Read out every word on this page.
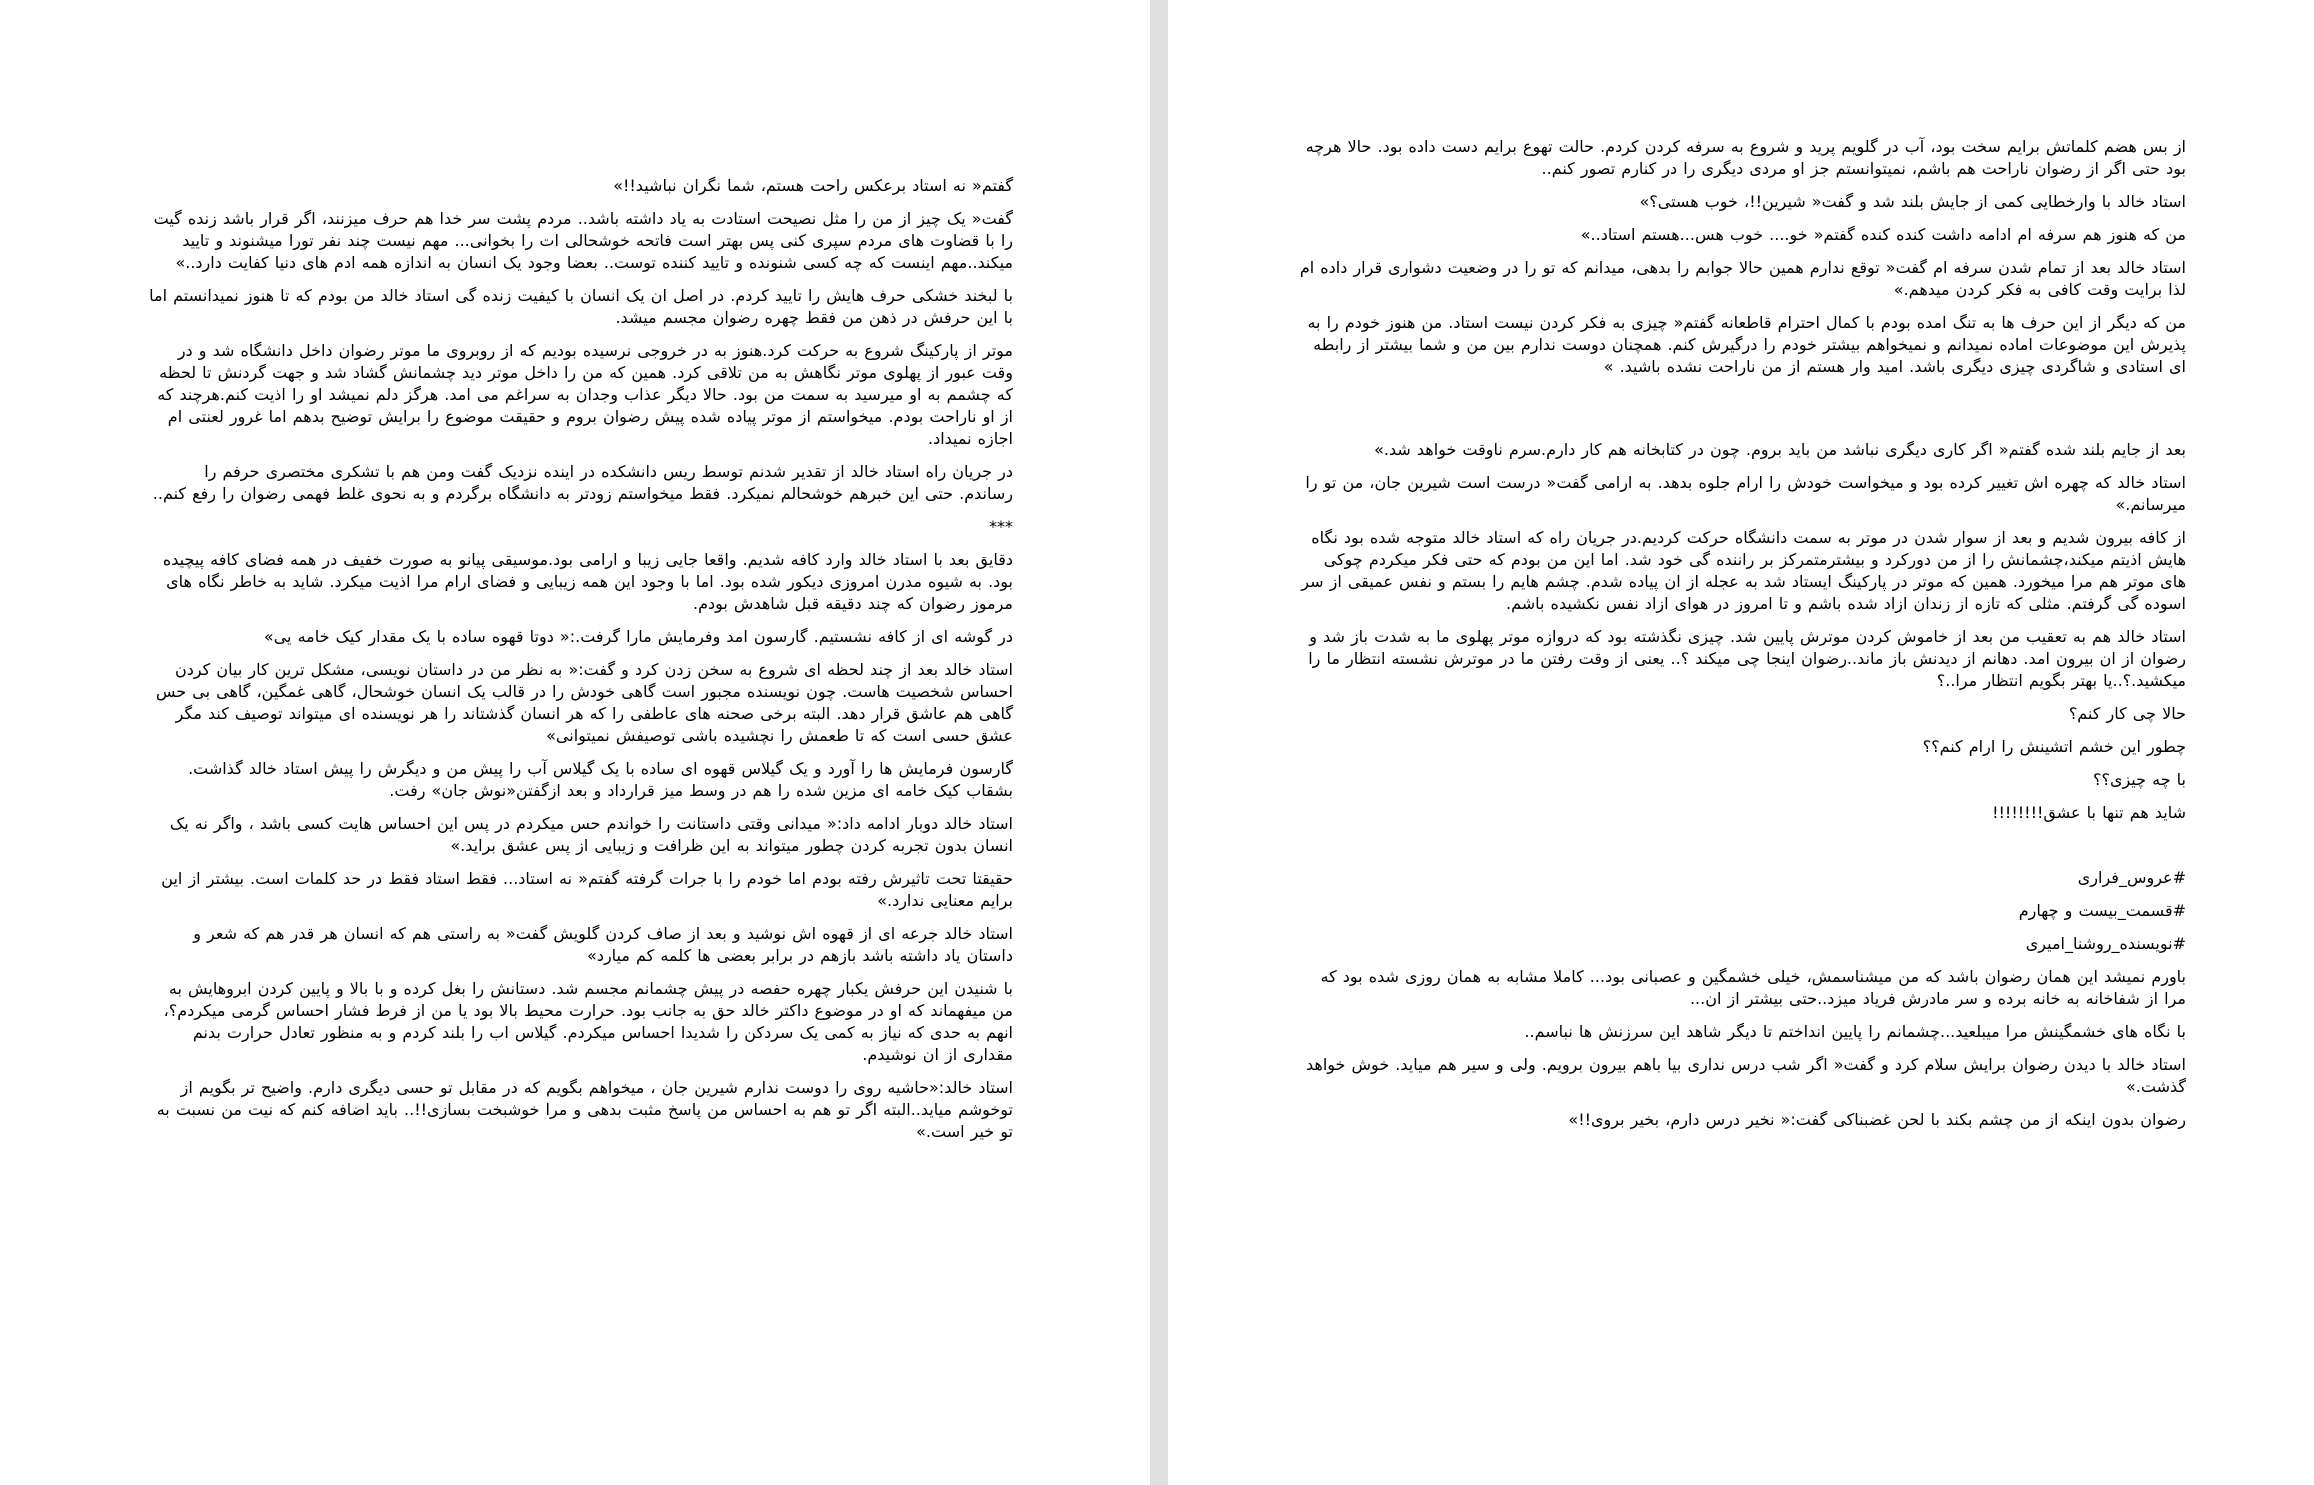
گفتم« نه استاد برعکس راحت هستم، شما نگران نباشید!!»

گفت« یک چیز از من را مثل نصیحت استادت به یاد داشته باشد.. مردم پشت سر خدا هم حرف میزنند، اگر قرار باشد زنده گیت را با قضاوت های مردم سپری کنی پس بهتر است فاتحه خوشحالی ات را بخوانی... مهم نیست چند نفر تورا میشنوند و تایید میکند..مهم اینست که چه کسی شنونده و تایید کننده توست.. بعضا وجود یک انسان به اندازه همه ادم های دنیا کفایت دارد..»

با لبخند خشکی حرف هایش را تایید کردم. در اصل ان یک انسان با کیفیت زنده گی استاد خالد من بودم که تا هنوز نمیدانستم اما با این حرفش در ذهن من فقط چهره رضوان مجسم میشد.

موتر از پارکینگ شروع به حرکت کرد.هنوز به در خروجی نرسیده بودیم که از روبروی ما موتر رضوان داخل دانشگاه شد و در وقت عبور از پهلوی موتر نگاهش به من تلاقی کرد. همین که من را داخل موتر دید چشمانش گشاد شد و جهت گردنش تا لحظه که چشمم به او میرسید به سمت من بود. حالا دیگر عذاب وجدان به سراغم می امد. هرگز دلم نمیشد او را اذیت کنم.هرچند که از او ناراحت بودم. میخواستم از موتر پیاده شده پیش رضوان بروم و حقیقت موضوع را برایش توضیح بدهم اما غرور لعنتی ام اجازه نمیداد.

در جریان راه استاد خالد از تقدیر شدنم توسط ریس دانشکده در اینده نزدیک گفت ومن هم با تشکری مختصری حرفم را رساندم. حتی این خبرهم خوشحالم نمیکرد. فقط میخواستم زودتر به دانشگاه برگردم و به نحوی غلط فهمی رضوان را رفع کنم..

***

دقایق بعد با استاد خالد وارد کافه شدیم. واقعا جایی زیبا و ارامی بود.موسیقی پیانو به صورت خفیف در همه فضای کافه پیچیده بود. به شیوه مدرن امروزی دیکور شده بود. اما با وجود این همه زیبایی و فضای ارام مرا اذیت میکرد. شاید به خاطر نگاه های مرموز رضوان که چند دقیقه قبل شاهدش بودم.

در گوشه ای از کافه نشستیم. گارسون امد وفرمایش مارا گرفت.:« دوتا قهوه ساده با یک مقدار کیک خامه یی»

استاد خالد بعد از چند لحظه ای شروع به سخن زدن کرد و گفت:« به نظر من در داستان نویسی، مشکل ترین کار بیان کردن احساس شخصیت هاست. چون نویسنده مجبور است گاهی خودش را در قالب یک انسان خوشحال، گاهی غمگین، گاهی بی حس گاهی هم عاشق قرار دهد. البته برخی صحنه های عاطفی را که هر انسان گذشتاند را هر نویسنده ای میتواند توصیف کند مگر عشق حسی است که تا طعمش را نچشیده باشی توصیفش نمیتوانی»

گارسون فرمایش ها را آورد و یک گیلاس قهوه ای ساده با یک گیلاس آب را پیش من و دیگرش را پیش استاد خالد گذاشت. بشقاب کیک خامه ای مزین شده را هم در وسط میز قرارداد و بعد ازگفتن«نوش جان» رفت.

استاد خالد دوبار ادامه داد:« میدانی وقتی داستانت را خواندم حس میکردم در پس این احساس هایت کسی باشد ، واگر نه یک انسان بدون تجربه کردن چطور میتواند به این ظرافت و زیبایی از پس عشق براید.»

حقیقتا تحت تاثیرش رفته بودم اما خودم را با جرات گرفته گفتم« نه استاد... فقط استاد فقط در حد کلمات است. بیشتر از این برایم معنایی ندارد.»

استاد خالد جرعه ای از قهوه اش نوشید و بعد از صاف کردن گلویش گفت« به راستی هم که انسان هر قدر هم که شعر و داستان یاد داشته باشد بازهم در برابر بعضی ها کلمه کم میارد»

با شنیدن این حرفش یکبار چهره حفصه در پیش چشمانم مجسم شد. دستانش را بغل کرده و با بالا و پایین کردن ابروهایش به من میفهماند که او در موضوع داکتر خالد حق به جانب بود. حرارت محیط بالا بود یا من از فرط فشار احساس گرمی میکردم؟، انهم به حدی که نیاز به کمی یک سردکن را شدیدا احساس میکردم. گیلاس اب را بلند کردم و به منظور تعادل حرارت بدنم مقداری از ان نوشیدم.

استاد خالد:«حاشیه روی را دوست ندارم شیرین جان ، میخواهم بگویم که در مقابل تو حسی دیگری دارم. واضیح تر بگویم از توخوشم میاید..البته اگر تو هم به احساس من پاسخ مثبت بدهی و مرا خوشبخت بسازی!!.. باید اضافه کنم که نیت من نسبت به تو خیر است.»

از بس هضم کلماتش برایم سخت بود، آب در گلویم پرید و شروع به سرفه کردن کردم. حالت تهوع برایم دست داده بود. حالا هرچه بود حتی اگر از رضوان ناراحت هم باشم، نمیتوانستم جز او مردی دیگری را در کنارم تصور کنم..

استاد خالد با وارخطایی کمی از جایش بلند شد و گفت« شیرین!!، خوب هستی؟»

من که هنوز هم سرفه ام ادامه داشت کنده کنده گفتم« خو.... خوب هس...هستم استاد..»

استاد خالد بعد از تمام شدن سرفه ام گفت« توقع ندارم همین حالا جوابم را بدهی، میدانم که تو را در وضعیت دشواری قرار داده ام لذا برایت وقت کافی به فکر کردن میدهم.»

من که دیگر از این حرف ها به تنگ امده بودم با کمال احترام قاطعانه گفتم« چیزی به فکر کردن نیست استاد. من هنوز خودم را به پذیرش این موضوعات اماده نمیدانم و نمیخواهم بیشتر خودم را درگیرش کنم. همچنان دوست ندارم بین من و شما بیشتر از رابطه ای استادی و شاگردی چیزی دیگری باشد. امید وار هستم از من ناراحت نشده باشید. »

بعد از جایم بلند شده گفتم« اگر کاری دیگری نباشد من باید بروم. چون در کتابخانه هم کار دارم.سرم ناوقت خواهد شد.»

استاد خالد که چهره اش تغییر کرده بود و میخواست خودش را ارام جلوه بدهد. به ارامی گفت« درست است شیرین جان، من تو را میرسانم.»

از کافه بیرون شدیم و بعد از سوار شدن در موتر به سمت دانشگاه حرکت کردیم.در جریان راه که استاد خالد متوجه شده بود نگاه هایش اذیتم میکند،چشمانش را از من دورکرد و بیشترمتمرکز بر راننده گی خود شد. اما این من بودم که حتی فکر میکردم چوکی های موتر هم مرا میخورد. همین که موتر در پارکینگ ایستاد شد به عجله از ان پیاده شدم. چشم هایم را بستم و نفس عمیقی از سر اسوده گی گرفتم. مثلی که تازه از زندان ازاد شده باشم و تا امروز در هوای ازاد نفس نکشیده باشم.

استاد خالد هم به تعقیب من بعد از خاموش کردن موترش پایین شد. چیزی نگذشته بود که دروازه موتر پهلوی ما به شدت باز شد و رضوان از ان بیرون امد. دهانم از دیدنش باز ماند..رضوان اینجا چی میکند ؟.. یعنی از وقت رفتن ما در موترش نشسته انتظار ما را میکشید.؟..یا بهتر بگویم انتظار مرا..؟

حالا چی کار کنم؟

چطور این خشم اتشینش را ارام کنم؟؟

با چه چیزی؟؟

شاید هم تنها با عشق!!!!!!!!

#عروس_فراری

#قسمت_بیست و چهارم

#نویسنده_روشنا_امیری

باورم نمیشد این همان رضوان باشد که من میشناسمش، خیلی خشمگین و عصبانی بود... کاملا مشابه به همان روزی شده بود که مرا از شفاخانه به خانه برده و سر مادرش فریاد میزد..حتی بیشتر از ان...

با نگاه های خشمگینش مرا میبلعید...چشمانم را پایین انداختم تا دیگر شاهد این سرزنش ها نباسم..

استاد خالد با دیدن رضوان برایش سلام کرد و گفت« اگر شب درس نداری بیا باهم بیرون برویم. ولی و سیر هم میاید. خوش خواهد گذشت.»

رضوان بدون اینکه از من چشم بکند با لحن غضبناکی گفت:« نخیر درس دارم، بخیر بروی!!»
